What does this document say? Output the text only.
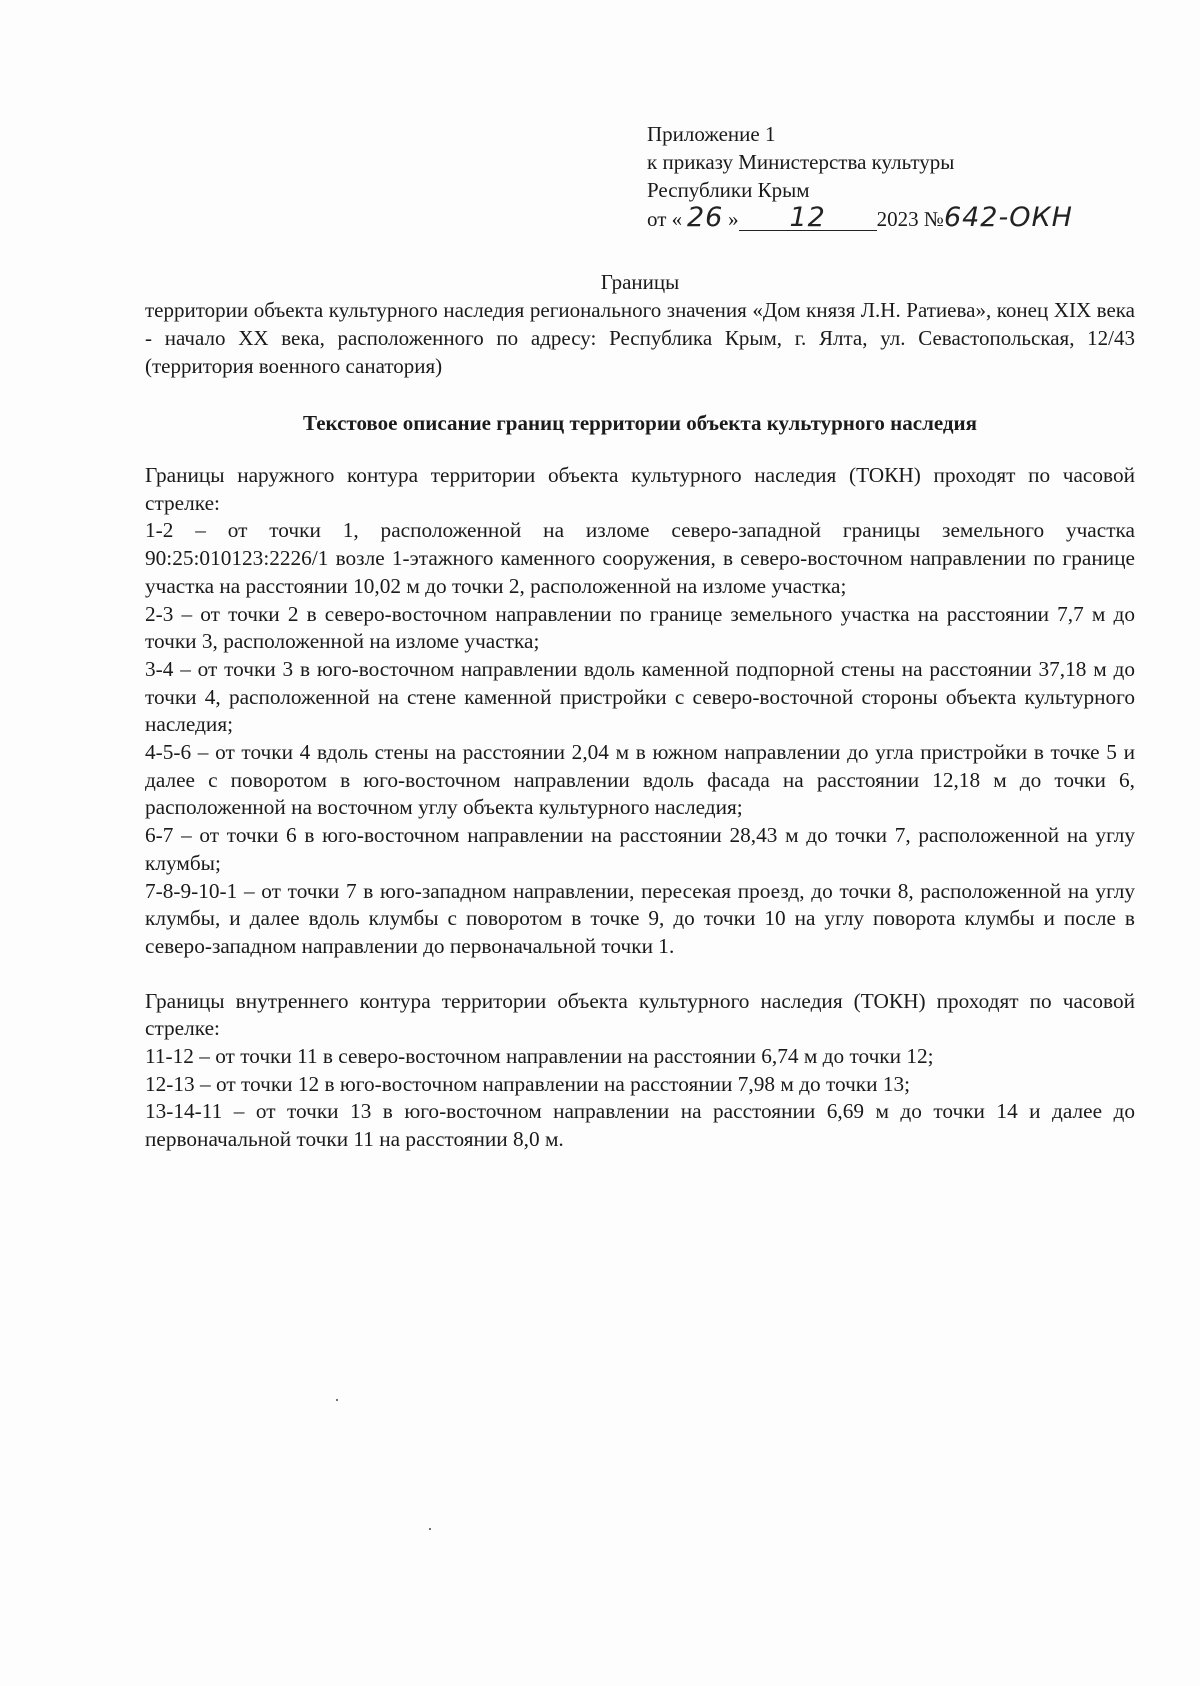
Приложение 1
к приказу Министерства культуры
Республики Крым
от « 26 » 12 2023 №642-ОКН
Границы
территории объекта культурного наследия регионального значения «Дом князя Л.Н. Ратиева», конец XIX века - начало XX века, расположенного по адресу: Республика Крым, г. Ялта, ул. Севастопольская, 12/43 (территория военного санатория)
Текстовое описание границ территории объекта культурного наследия

Границы наружного контура территории объекта культурного наследия (ТОКН) проходят по часовой стрелке:

1-2 – от точки 1, расположенной на изломе северо-западной границы земельного участка 90:25:010123:2226/1 возле 1-этажного каменного сооружения, в северо-восточном направлении по границе участка на расстоянии 10,02 м до точки 2, расположенной на изломе участка;

2-3 – от точки 2 в северо-восточном направлении по границе земельного участка на расстоянии 7,7 м до точки 3, расположенной на изломе участка;

3-4 – от точки 3 в юго-восточном направлении вдоль каменной подпорной стены на расстоянии 37,18 м до точки 4, расположенной на стене каменной пристройки с северо-восточной стороны объекта культурного наследия;

4-5-6 – от точки 4 вдоль стены на расстоянии 2,04 м в южном направлении до угла пристройки в точке 5 и далее с поворотом в юго-восточном направлении вдоль фасада на расстоянии 12,18 м до точки 6, расположенной на восточном углу объекта культурного наследия;

6-7 – от точки 6 в юго-восточном направлении на расстоянии 28,43 м до точки 7, расположенной на углу клумбы;

7-8-9-10-1 – от точки 7 в юго-западном направлении, пересекая проезд, до точки 8, расположенной на углу клумбы, и далее вдоль клумбы с поворотом в точке 9, до точки 10 на углу поворота клумбы и после в северо-западном направлении до первоначальной точки 1.

Границы внутреннего контура территории объекта культурного наследия (ТОКН) проходят по часовой стрелке:

11-12 – от точки 11 в северо-восточном направлении на расстоянии 6,74 м до точки 12;

12-13 – от точки 12 в юго-восточном направлении на расстоянии 7,98 м до точки 13;

13-14-11 – от точки 13 в юго-восточном направлении на расстоянии 6,69 м до точки 14 и далее до первоначальной точки 11 на расстоянии 8,0 м.
